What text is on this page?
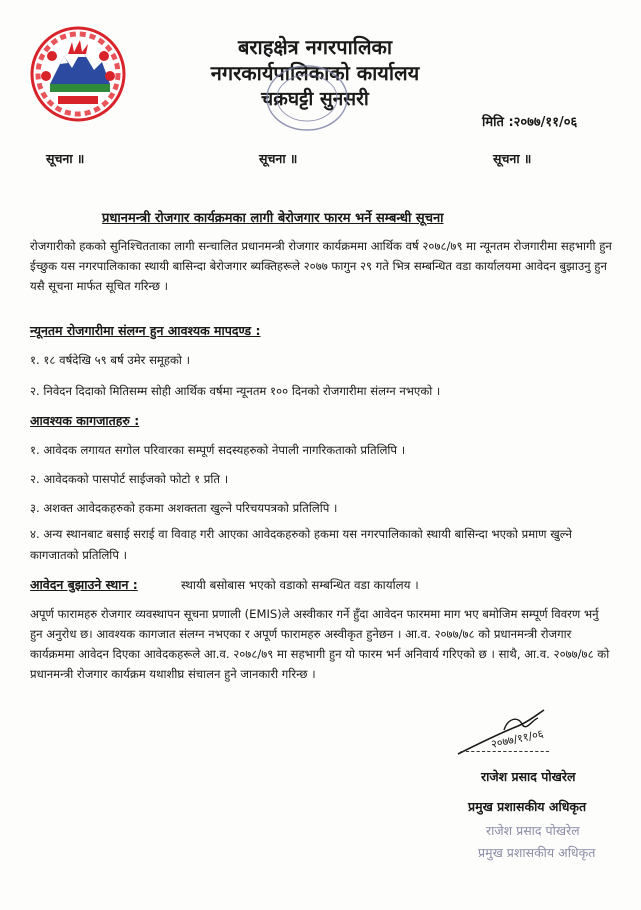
बराहक्षेत्र नगरपालिका
नगरकार्यपालिकाको कार्यालय
चक्रघट्टी सुनसरी
मिति :२०७७/११/०६
सूचना ॥	सूचना ॥	सूचना ॥
प्रधानमन्त्री रोजगार कार्यक्रमका लागी बेरोजगार फारम भर्ने सम्बन्धी सूचना
रोजगारीको हकको सुनिश्चितताका लागी सन्चालित प्रधानमन्त्री रोजगार कार्यक्रममा आर्थिक वर्ष २०७८/७९ मा न्यूनतम रोजगारीमा सहभागी हुन ईच्छुक यस नगरपालिकाका स्थायी बासिन्दा बेरोजगार ब्यक्तिहरूले २०७७ फागुन २९ गते भित्र सम्बन्धित वडा कार्यालयमा आवेदन बुझाउनु हुन यसै सूचना मार्फत सूचित गरिन्छ ।
न्यूनतम रोजगारीमा संलग्न हुन आवश्यक मापदण्ड :
१. १८ वर्षदेखि ५९ बर्ष उमेर समूहको ।
२. निवेदन दिदाको मितिसम्म सोही आर्थिक वर्षमा न्यूनतम १०० दिनको रोजगारीमा संलग्न नभएको ।
आवश्यक कागजातहरु :
१. आवेदक लगायत सगोल परिवारका सम्पूर्ण सदस्यहरुको नेपाली नागरिकताको प्रतिलिपि ।
२. आवेदकको पासपोर्ट साईजको फोटो १ प्रति ।
३. अशक्त आवेदकहरुको हकमा अशक्तता खुल्ने परिचयपत्रको प्रतिलिपि ।
४. अन्य स्थानबाट बसाई सराई वा विवाह गरी आएका आवेदकहरुको हकमा यस नगरपालिकाको स्थायी बासिन्दा भएको प्रमाण खुल्ने कागजातको प्रतिलिपि ।
आवेदन बुझाउने स्थान :	स्थायी बसोबास भएको वडाको सम्बन्धित वडा कार्यालय ।
अपूर्ण फारामहरु रोजगार व्यवस्थापन सूचना प्रणाली (EMIS)ले अस्वीकार गर्ने हुँदा आवेदन फारममा माग भए बमोजिम सम्पूर्ण विवरण भर्नु हुन अनुरोध छ। आवश्यक कागजात संलग्न नभएका र अपूर्ण फारामहरु अस्वीकृत हुनेछन । आ.व. २०७७/७८ को प्रधानमन्त्री रोजगार कार्यक्रममा आवेदन दिएका आवेदकहरूले आ.व. २०७८/७९ मा सहभागी हुन यो फारम भर्न अनिवार्य गरिएको छ । साथै, आ.व. २०७७/७८ को प्रधानमन्त्री रोजगार कार्यक्रम यथाशीघ्र संचालन हुने जानकारी गरिन्छ ।
२०७७/११/०६
-----------------
राजेश प्रसाद पोखरेल
प्रमुख प्रशासकीय अधिकृत
राजेश प्रसाद पोखरेल
प्रमुख प्रशासकीय अधिकृत
